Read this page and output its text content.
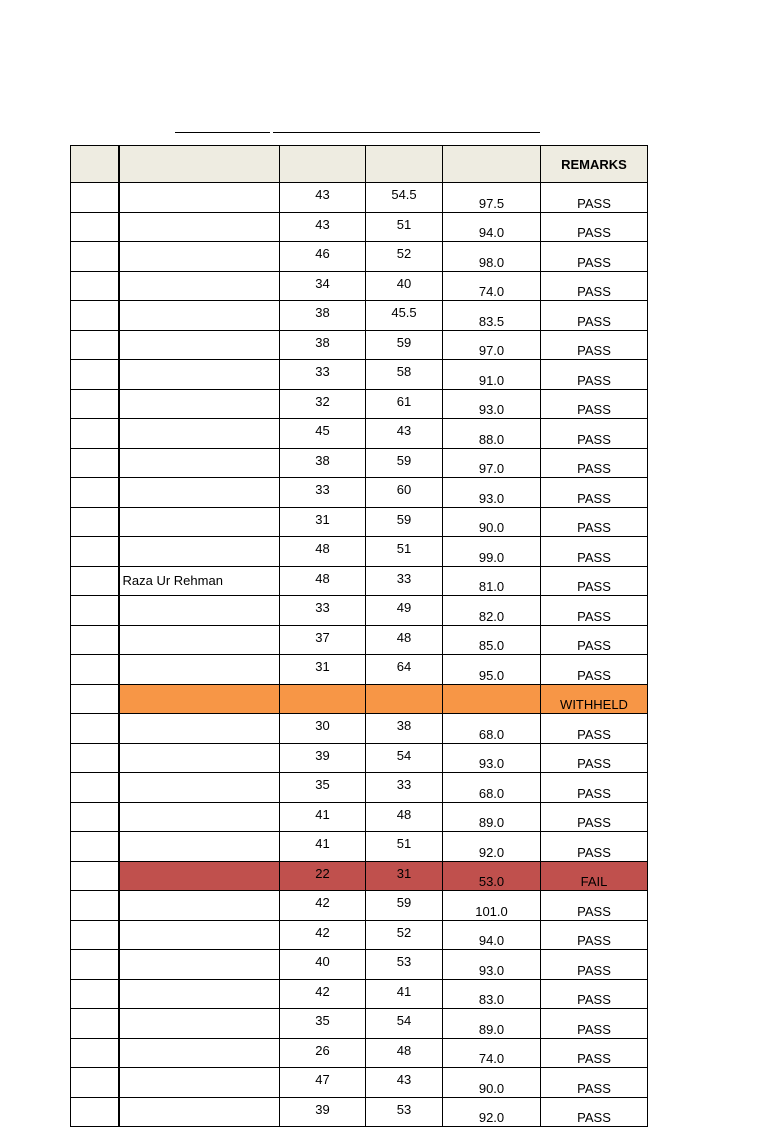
					REMARKS
		43	54.5	97.5	PASS
		43	51	94.0	PASS
		46	52	98.0	PASS
		34	40	74.0	PASS
		38	45.5	83.5	PASS
		38	59	97.0	PASS
		33	58	91.0	PASS
		32	61	93.0	PASS
		45	43	88.0	PASS
		38	59	97.0	PASS
		33	60	93.0	PASS
		31	59	90.0	PASS
		48	51	99.0	PASS
	Raza Ur Rehman	48	33	81.0	PASS
		33	49	82.0	PASS
		37	48	85.0	PASS
		31	64	95.0	PASS
					WITHHELD
		30	38	68.0	PASS
		39	54	93.0	PASS
		35	33	68.0	PASS
		41	48	89.0	PASS
		41	51	92.0	PASS
		22	31	53.0	FAIL
		42	59	101.0	PASS
		42	52	94.0	PASS
		40	53	93.0	PASS
		42	41	83.0	PASS
		35	54	89.0	PASS
		26	48	74.0	PASS
		47	43	90.0	PASS
		39	53	92.0	PASS
